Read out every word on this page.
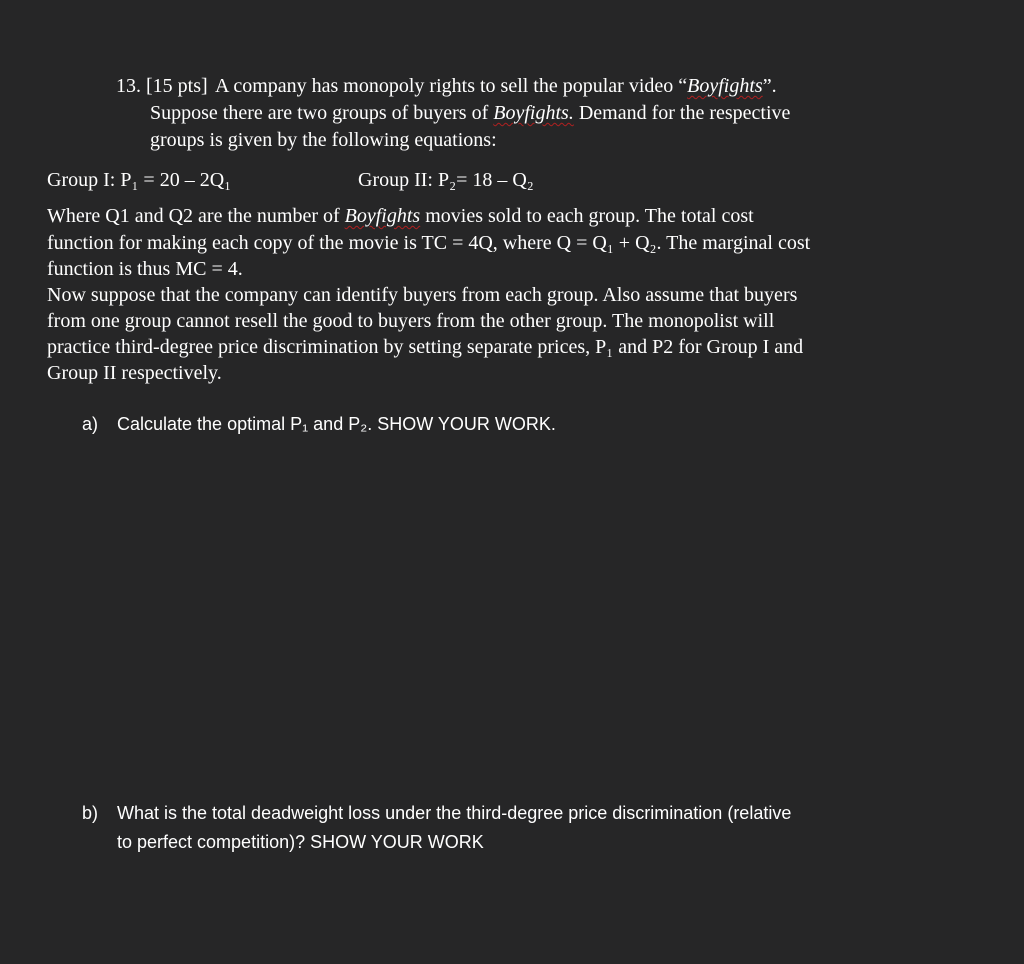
13. [15 pts] A company has monopoly rights to sell the popular video “Boyfights”.
Suppose there are two groups of buyers of Boyfights. Demand for the respective
groups is given by the following equations:
Group I: P₁ = 20 – 2Q₁	Group II: P₂= 18 – Q₂
Where Q1 and Q2 are the number of Boyfights movies sold to each group. The total cost
function for making each copy of the movie is TC = 4Q, where Q = Q₁ + Q₂. The marginal cost
function is thus MC = 4.
Now suppose that the company can identify buyers from each group. Also assume that buyers
from one group cannot resell the good to buyers from the other group. The monopolist will
practice third-degree price discrimination by setting separate prices, P₁ and P2 for Group I and
Group II respectively.
a) Calculate the optimal P₁ and P₂. SHOW YOUR WORK.
b) What is the total deadweight loss under the third-degree price discrimination (relative
to perfect competition)? SHOW YOUR WORK
